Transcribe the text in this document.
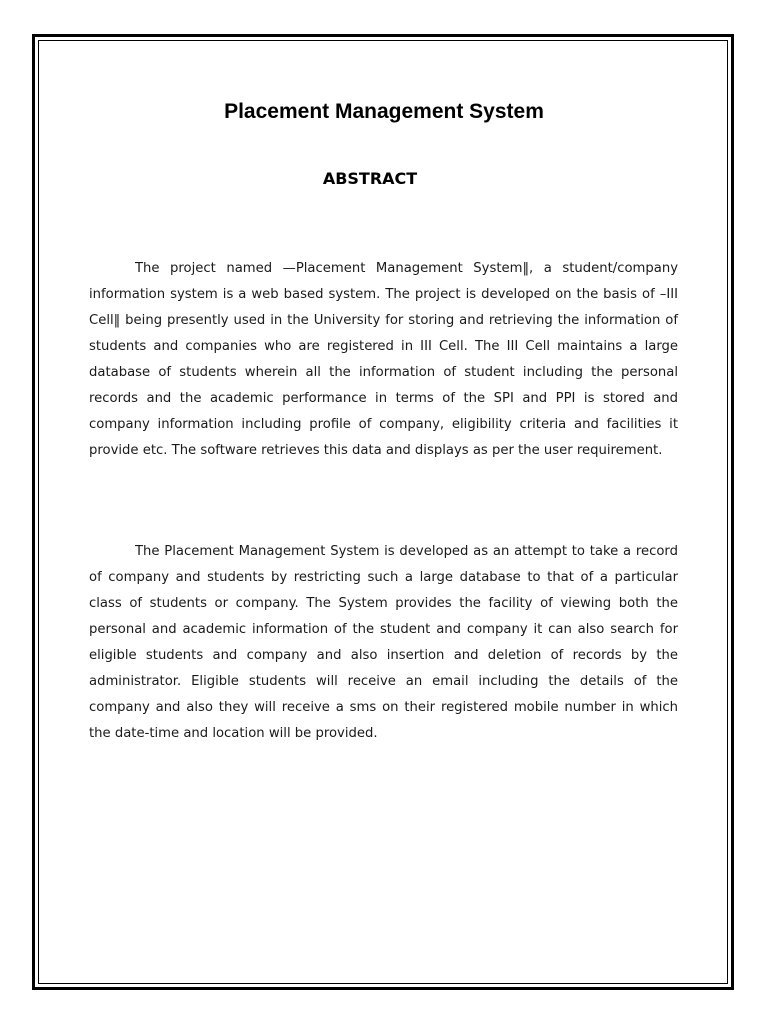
Placement Management System
ABSTRACT

The project named —Placement Management System‖, a student/company information system is a web based system. The project is developed on the basis of –III Cell‖ being presently used in the University for storing and retrieving the information of students and companies who are registered in III Cell. The III Cell maintains a large database of students wherein all the information of student including the personal records and the academic performance in terms of the SPI and PPI is stored and company information including profile of company, eligibility criteria and facilities it provide etc. The software retrieves this data and displays as per the user requirement.

The Placement Management System is developed as an attempt to take a record of company and students by restricting such a large database to that of a particular class of students or company. The System provides the facility of viewing both the personal and academic information of the student and company it can also search for eligible students and company and also insertion and deletion of records by the administrator. Eligible students will receive an email including the details of the company and also they will receive a sms on their registered mobile number in which the date-time and location will be provided.
